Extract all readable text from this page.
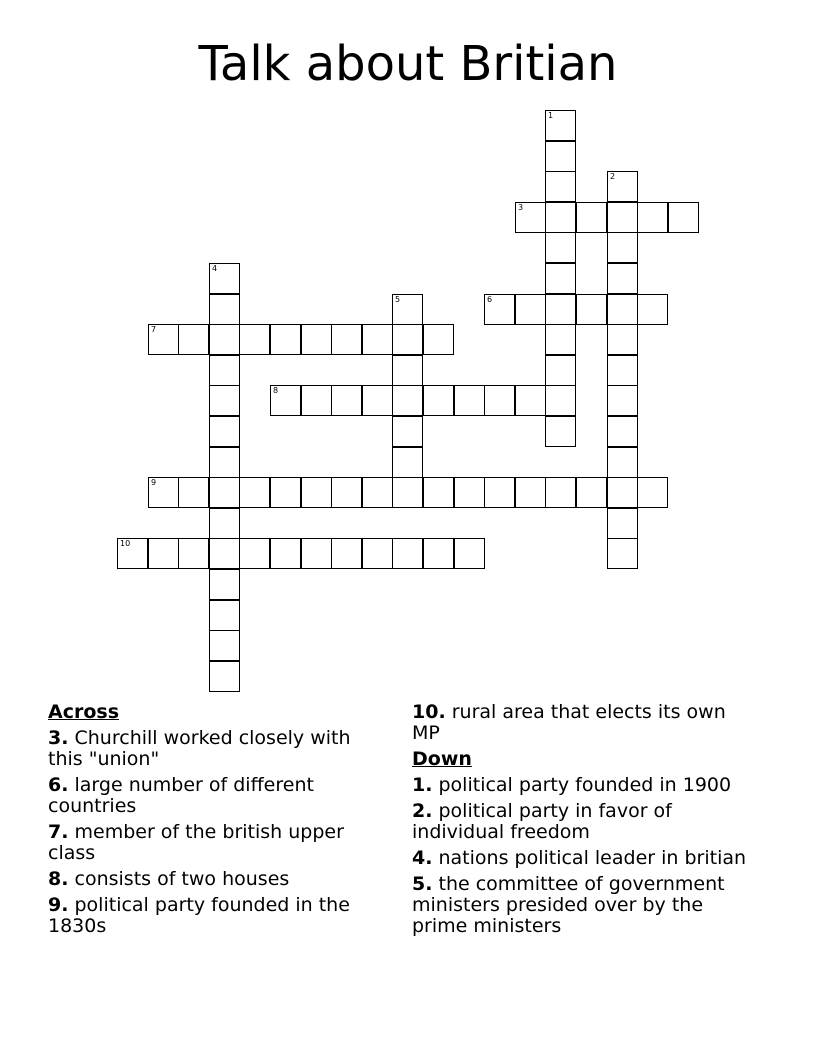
Talk about Britian
1
2
3
4
5	6
7
8
9
10
Across
3. Churchill worked closely with this "union"
6. large number of different countries
7. member of the british upper class
8. consists of two houses
9. political party founded in the 1830s
10. rural area that elects its own MP
Down
1. political party founded in 1900
2. political party in favor of individual freedom
4. nations political leader in britian
5. the committee of government ministers presided over by the prime ministers
